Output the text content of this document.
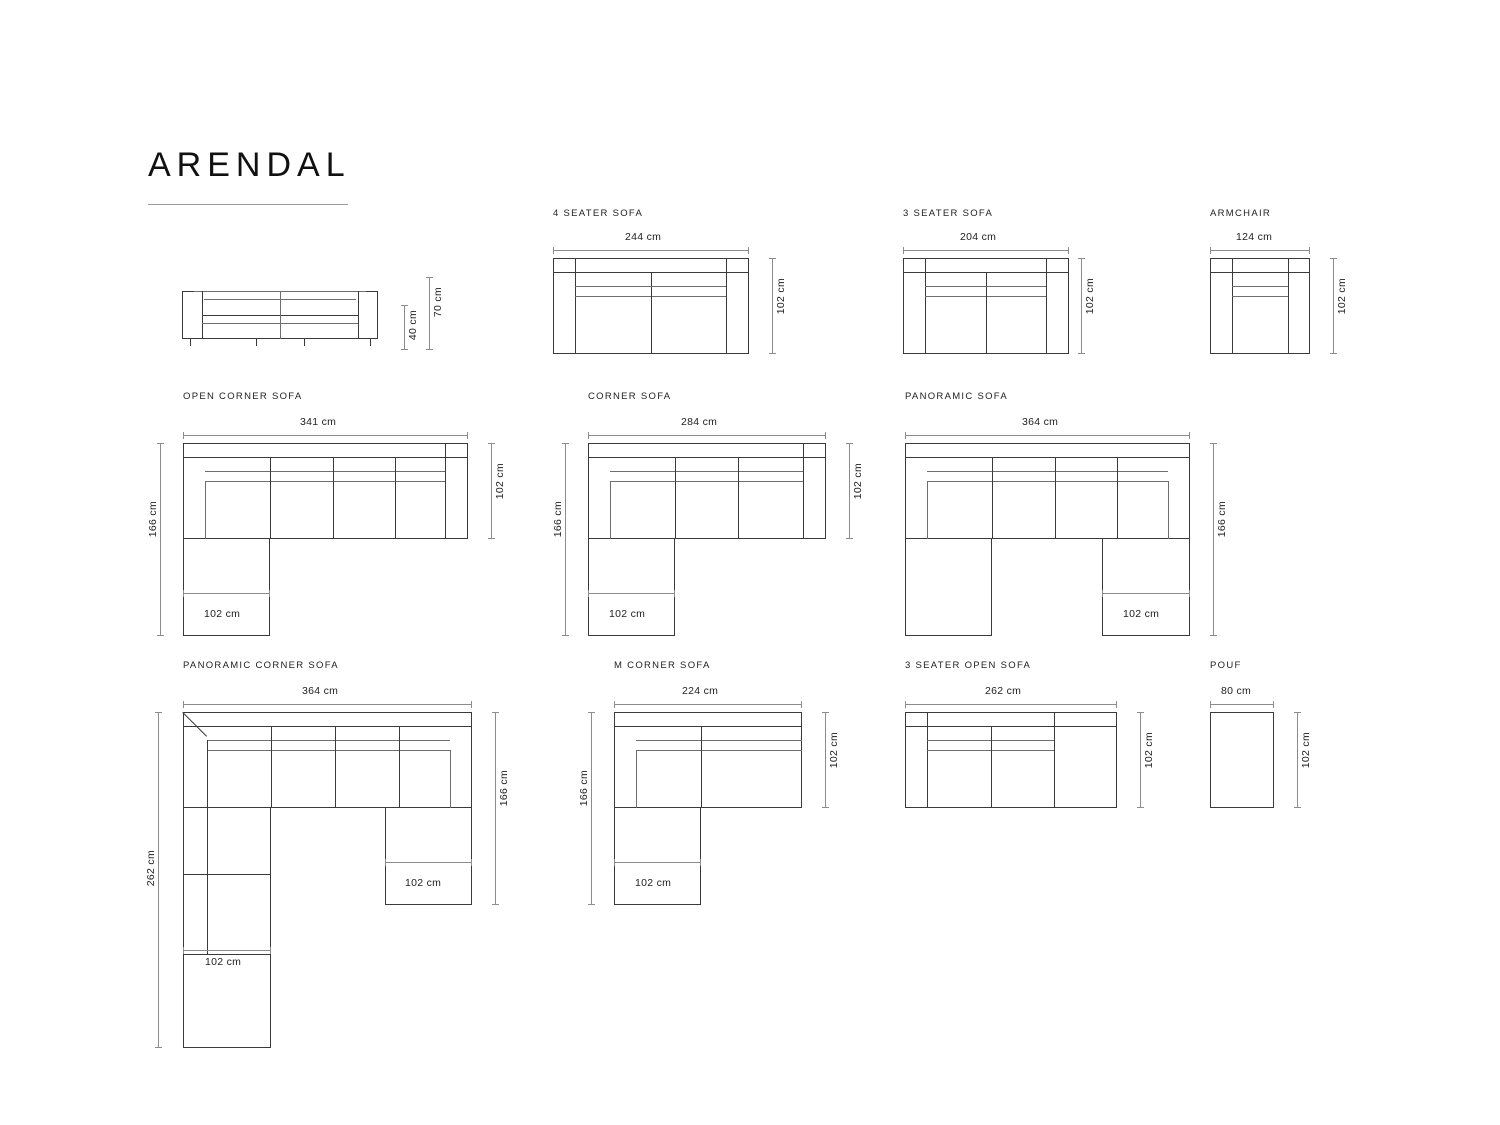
ARENDAL
70 cm
40 cm
4 SEATER SOFA
244 cm
102 cm
3 SEATER SOFA
204 cm
102 cm
ARMCHAIR
124 cm
102 cm
OPEN CORNER SOFA
341 cm
166 cm
102 cm
102 cm
CORNER SOFA
284 cm
166 cm
102 cm
102 cm
PANORAMIC SOFA
364 cm
166 cm
102 cm
PANORAMIC CORNER SOFA
364 cm
262 cm
166 cm
102 cm
102 cm
M CORNER SOFA
224 cm
166 cm
102 cm
102 cm
3 SEATER OPEN SOFA
262 cm
102 cm
POUF
80 cm
102 cm
